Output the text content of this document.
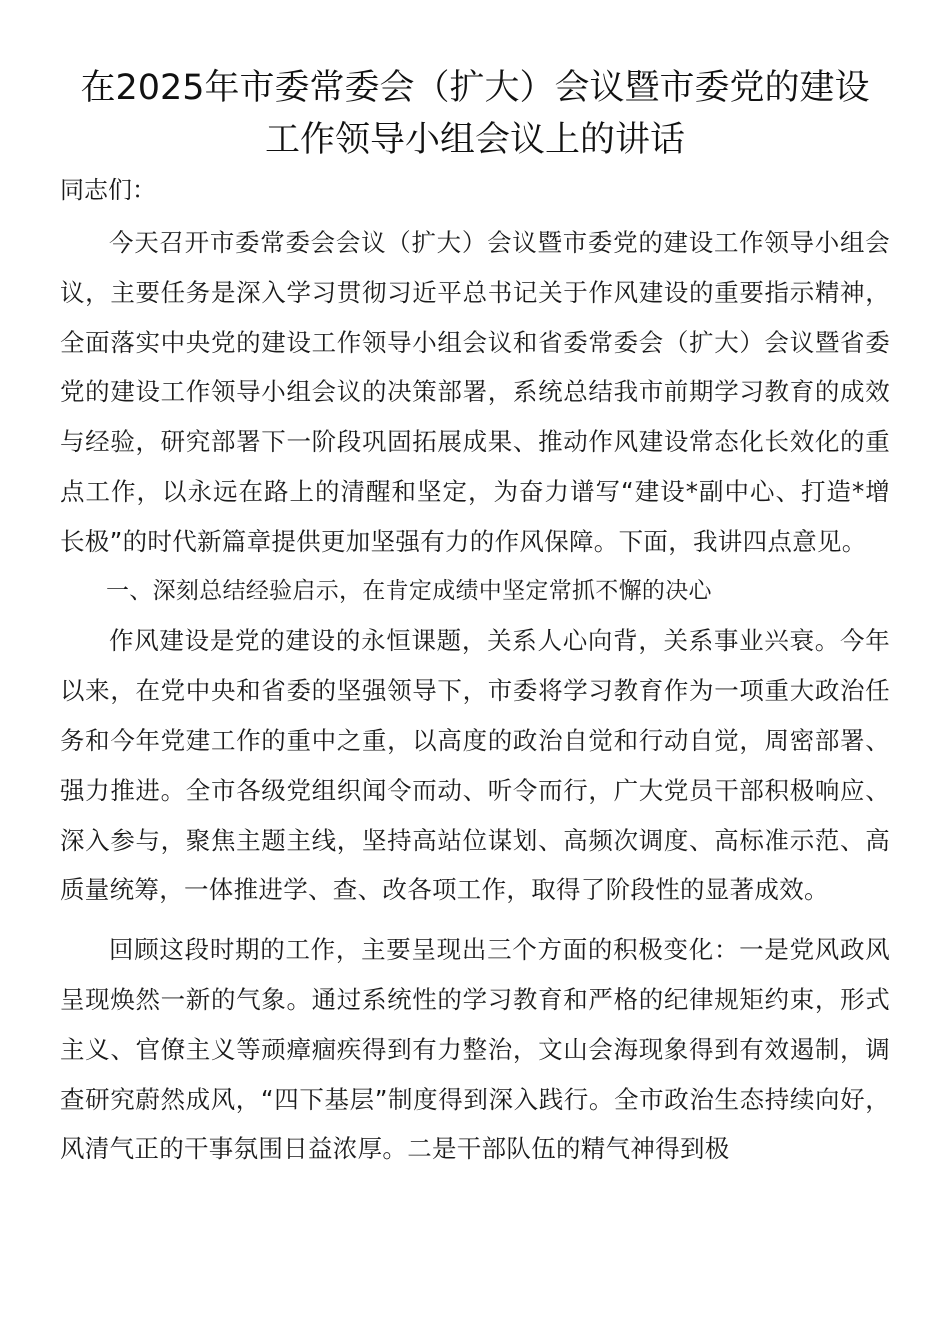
在2025年市委常委会（扩大）会议暨市委党的建设
工作领导小组会议上的讲话

同志们：

今天召开市委常委会会议（扩大）会议暨市委党的建设工作领导小组会议，主要任务是深入学习贯彻习近平总书记关于作风建设的重要指示精神，全面落实中央党的建设工作领导小组会议和省委常委会（扩大）会议暨省委党的建设工作领导小组会议的决策部署，系统总结我市前期学习教育的成效与经验，研究部署下一阶段巩固拓展成果、推动作风建设常态化长效化的重点工作，以永远在路上的清醒和坚定，为奋力谱写“建设*副中心、打造*增长极”的时代新篇章提供更加坚强有力的作风保障。下面，我讲四点意见。

一、深刻总结经验启示，在肯定成绩中坚定常抓不懈的决心

作风建设是党的建设的永恒课题，关系人心向背，关系事业兴衰。今年以来，在党中央和省委的坚强领导下，市委将学习教育作为一项重大政治任务和今年党建工作的重中之重，以高度的政治自觉和行动自觉，周密部署、强力推进。全市各级党组织闻令而动、听令而行，广大党员干部积极响应、深入参与，聚焦主题主线，坚持高站位谋划、高频次调度、高标准示范、高质量统筹，一体推进学、查、改各项工作，取得了阶段性的显著成效。

回顾这段时期的工作，主要呈现出三个方面的积极变化：一是党风政风呈现焕然一新的气象。通过系统性的学习教育和严格的纪律规矩约束，形式主义、官僚主义等顽瘴痼疾得到有力整治，文山会海现象得到有效遏制，调查研究蔚然成风，“四下基层”制度得到深入践行。全市政治生态持续向好，风清气正的干事氛围日益浓厚。二是干部队伍的精气神得到极
